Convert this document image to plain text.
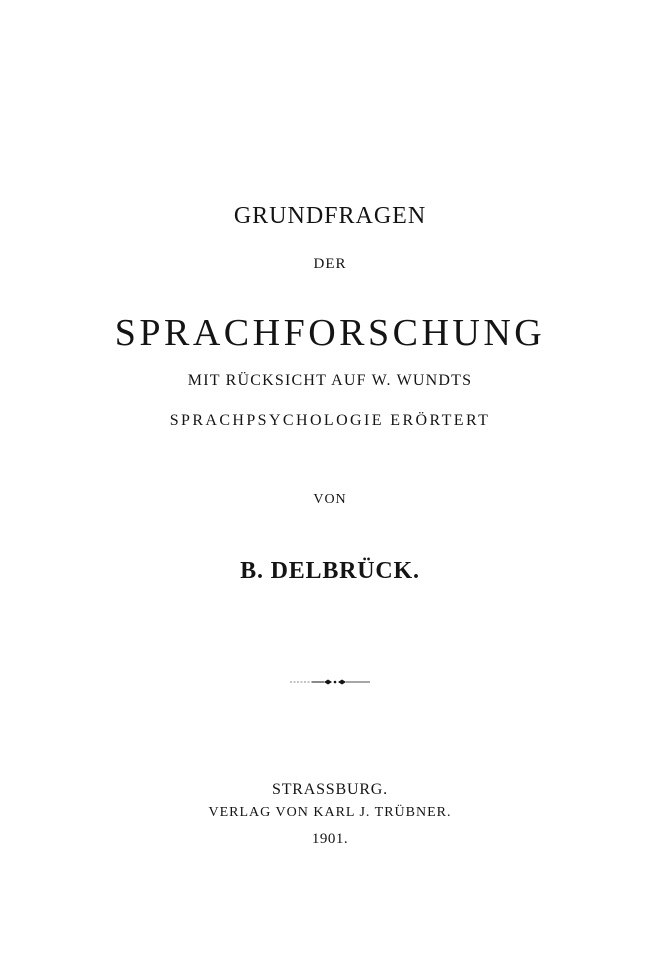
GRUNDFRAGEN
DER
SPRACHFORSCHUNG
MIT RÜCKSICHT AUF W. WUNDTS
SPRACHPSYCHOLOGIE ERÖRTERT
VON
B. DELBRÜCK.
STRASSBURG.
VERLAG VON KARL J. TRÜBNER.
1901.
